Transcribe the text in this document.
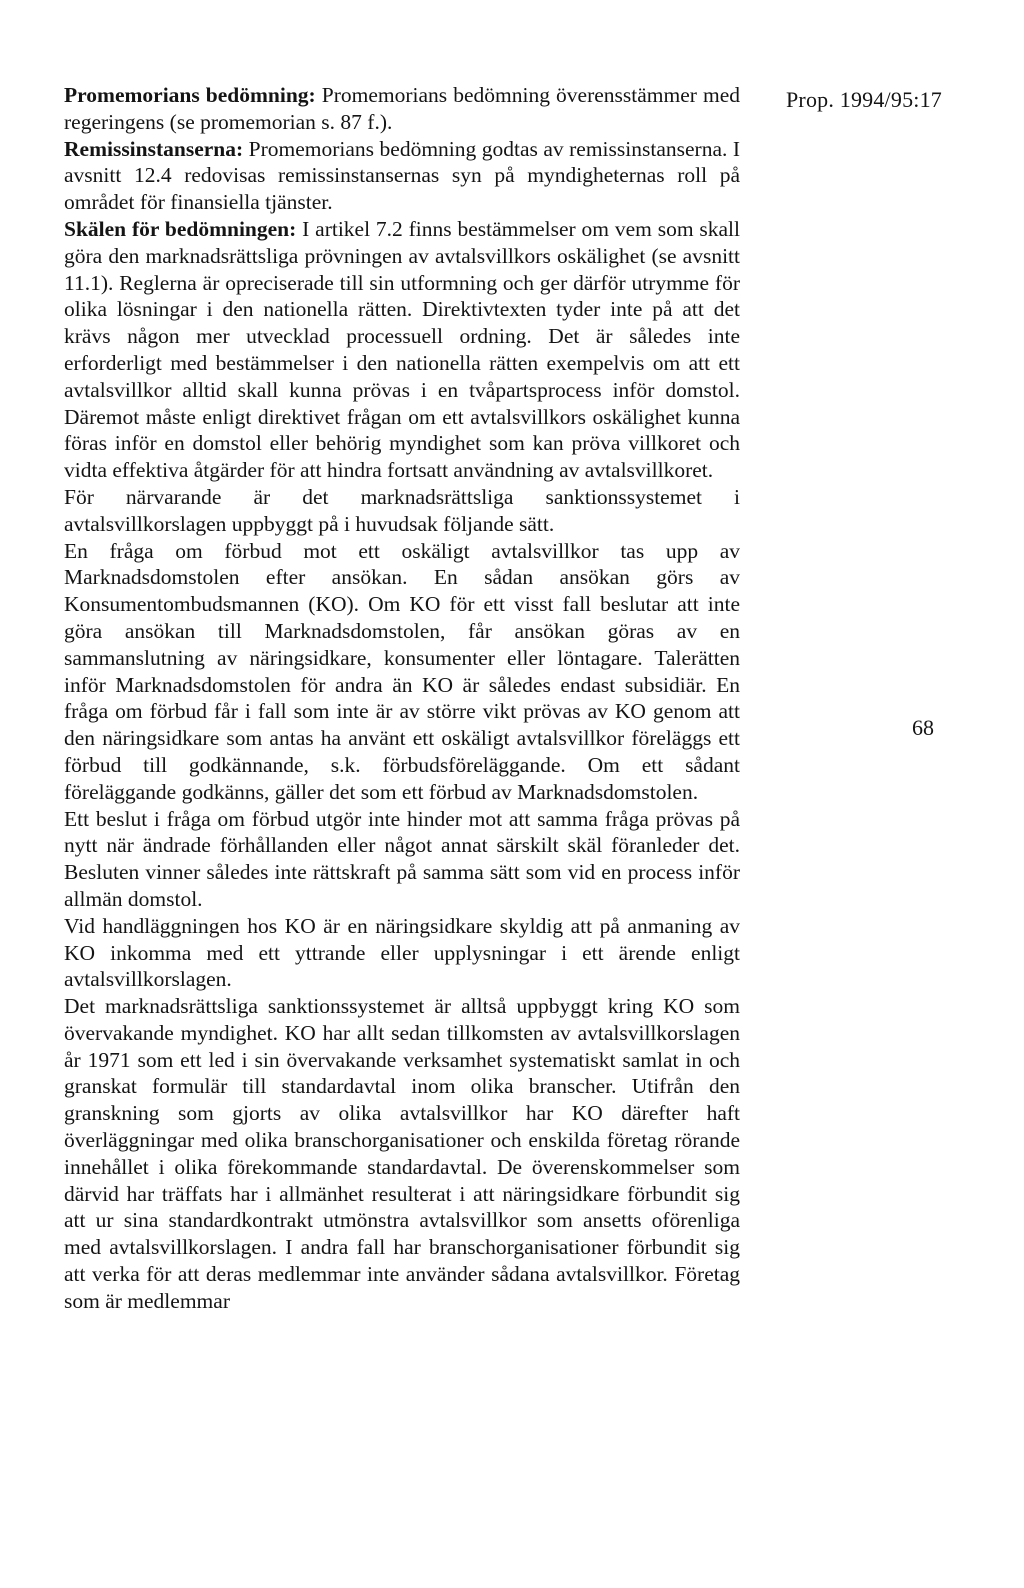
Prop. 1994/95:17

Promemorians bedömning: Promemorians bedömning överensstämmer med regeringens (se promemorian s. 87 f.).

Remissinstanserna: Promemorians bedömning godtas av remissinstanserna. I avsnitt 12.4 redovisas remissinstansernas syn på myndigheternas roll på området för finansiella tjänster.

Skälen för bedömningen: I artikel 7.2 finns bestämmelser om vem som skall göra den marknadsrättsliga prövningen av avtalsvillkors oskälighet (se avsnitt 11.1). Reglerna är opreciserade till sin utformning och ger därför utrymme för olika lösningar i den nationella rätten. Direktivtexten tyder inte på att det krävs någon mer utvecklad processuell ordning. Det är således inte erforderligt med bestämmelser i den nationella rätten exempelvis om att ett avtalsvillkor alltid skall kunna prövas i en tvåpartsprocess inför domstol. Däremot måste enligt direktivet frågan om ett avtalsvillkors oskälighet kunna föras inför en domstol eller behörig myndighet som kan pröva villkoret och vidta effektiva åtgärder för att hindra fortsatt användning av avtalsvillkoret.

För närvarande är det marknadsrättsliga sanktionssystemet i avtalsvillkorslagen uppbyggt på i huvudsak följande sätt.

En fråga om förbud mot ett oskäligt avtalsvillkor tas upp av Marknadsdomstolen efter ansökan. En sådan ansökan görs av Konsumentombudsmannen (KO). Om KO för ett visst fall beslutar att inte göra ansökan till Marknadsdomstolen, får ansökan göras av en sammanslutning av näringsidkare, konsumenter eller löntagare. Talerätten inför Marknadsdomstolen för andra än KO är således endast subsidiär. En fråga om förbud får i fall som inte är av större vikt prövas av KO genom att den näringsidkare som antas ha använt ett oskäligt avtalsvillkor föreläggs ett förbud till godkännande, s.k. förbudsföreläggande. Om ett sådant föreläggande godkänns, gäller det som ett förbud av Marknadsdomstolen.

Ett beslut i fråga om förbud utgör inte hinder mot att samma fråga prövas på nytt när ändrade förhållanden eller något annat särskilt skäl föranleder det. Besluten vinner således inte rättskraft på samma sätt som vid en process inför allmän domstol.

Vid handläggningen hos KO är en näringsidkare skyldig att på anmaning av KO inkomma med ett yttrande eller upplysningar i ett ärende enligt avtalsvillkorslagen.

Det marknadsrättsliga sanktionssystemet är alltså uppbyggt kring KO som övervakande myndighet. KO har allt sedan tillkomsten av avtalsvillkorslagen år 1971 som ett led i sin övervakande verksamhet systematiskt samlat in och granskat formulär till standardavtal inom olika branscher. Utifrån den granskning som gjorts av olika avtalsvillkor har KO därefter haft överläggningar med olika branschorganisationer och enskilda företag rörande innehållet i olika förekommande standardavtal. De överenskommelser som därvid har träffats har i allmänhet resulterat i att näringsidkare förbundit sig att ur sina standardkontrakt utmönstra avtalsvillkor som ansetts oförenliga med avtalsvillkorslagen. I andra fall har branschorganisationer förbundit sig att verka för att deras medlemmar inte använder sådana avtalsvillkor. Företag som är medlemmar

68
